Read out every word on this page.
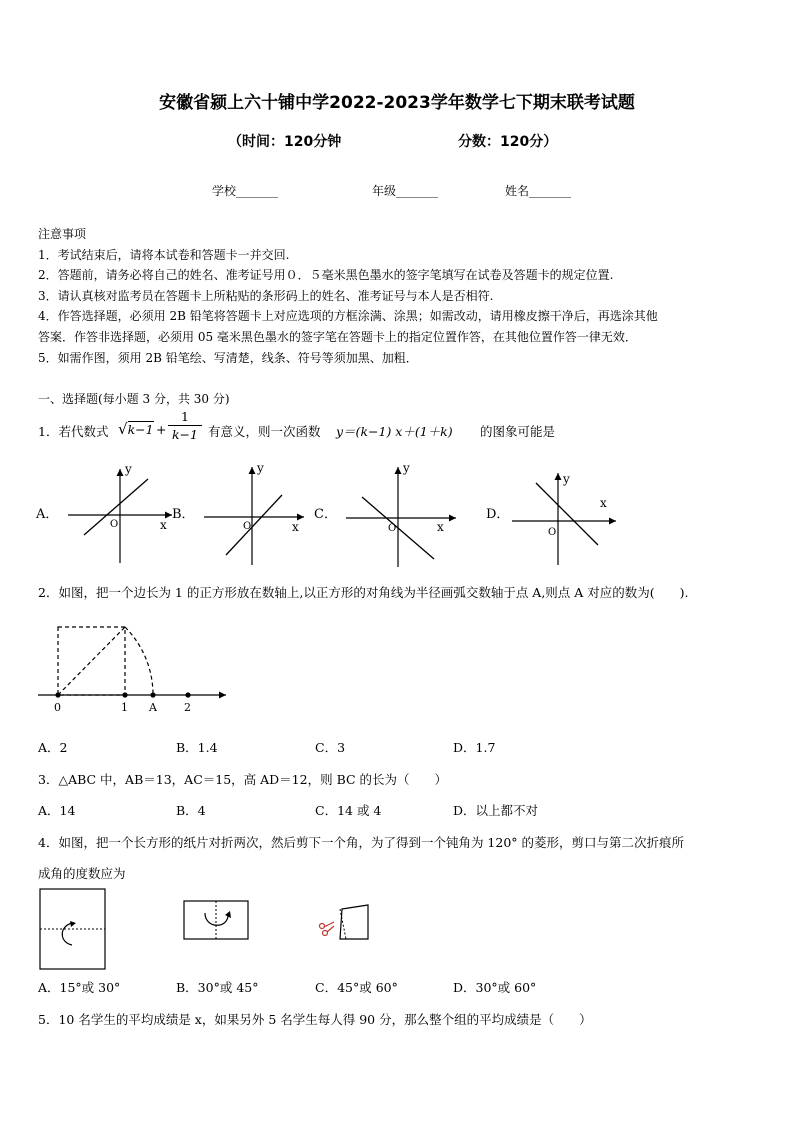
安徽省颍上六十铺中学2022-2023学年数学七下期末联考试题
（时间：120分钟	分数：120分）
学校_______	年级_______	姓名_______
注意事项
1．考试结束后，请将本试卷和答题卡一并交回.
2．答题前，请务必将自己的姓名、准考证号用０．５毫米黑色墨水的签字笔填写在试卷及答题卡的规定位置.
3．请认真核对监考员在答题卡上所粘贴的条形码上的姓名、准考证号与本人是否相符.
4．作答选择题，必须用 2B 铅笔将答题卡上对应选项的方框涂满、涂黑；如需改动，请用橡皮擦干净后，再选涂其他
答案．作答非选择题，必须用 05 毫米黑色墨水的签字笔在答题卡上的指定位置作答，在其他位置作答一律无效．
5．如需作图，须用 2B 铅笔绘、写清楚，线条、符号等须加黑、加粗．
一、选择题(每小题 3 分，共 30 分)
1．若代数式 $√k-1 + \frac{1}{k-1}$ 有意义，则一次函数 y＝(k−1) x＋(1＋k) 的图象可能是
A．
y
x
O
B．
y
x
O
C．
y
x
O
D．
y
x
O
2．如图，把一个边长为 1 的正方形放在数轴上,以正方形的对角线为半径画弧交数轴于点 A,则点 A 对应的数为(　　).
0	1 A 2
A．2	B．1.4	C．3	D．1.7
3．△ABC 中，AB＝13，AC＝15，高 AD＝12，则 BC 的长为（　　）
A．14	B．4	C．14 或 4	D．以上都不对
4．如图，把一个长方形的纸片对折两次，然后剪下一个角，为了得到一个钝角为 120° 的菱形，剪口与第二次折痕所
成角的度数应为
A．15°或 30°	B．30°或 45°	C．45°或 60°	D．30°或 60°
5．10 名学生的平均成绩是 x，如果另外 5 名学生每人得 90 分，那么整个组的平均成绩是（　　）
